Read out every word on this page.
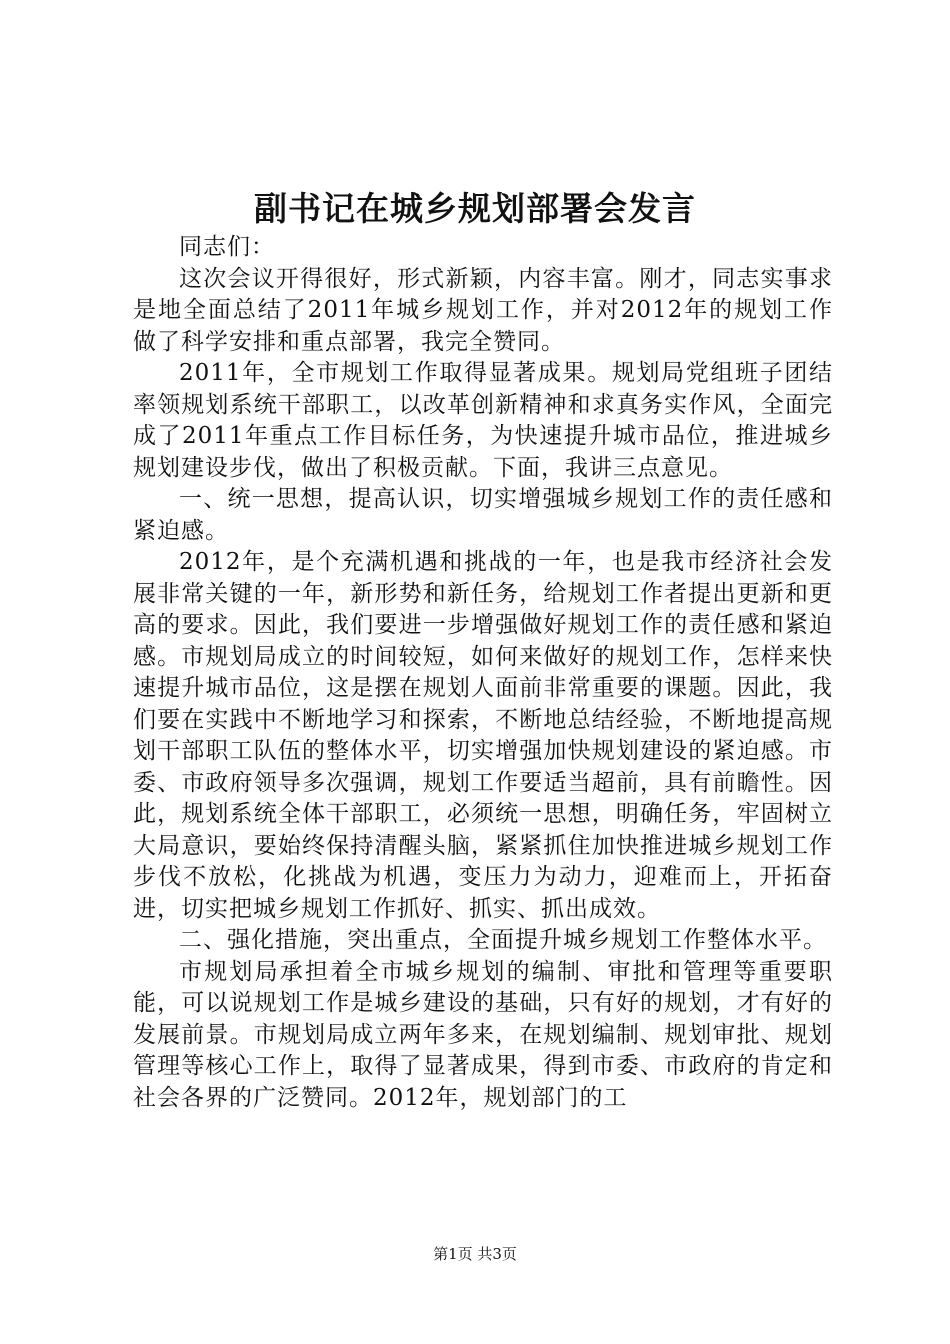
副书记在城乡规划部署会发言

同志们：

这次会议开得很好，形式新颖，内容丰富。刚才，同志实事求是地全面总结了2011年城乡规划工作，并对2012年的规划工作做了科学安排和重点部署，我完全赞同。

2011年，全市规划工作取得显著成果。规划局党组班子团结率领规划系统干部职工，以改革创新精神和求真务实作风，全面完成了2011年重点工作目标任务，为快速提升城市品位，推进城乡规划建设步伐，做出了积极贡献。下面，我讲三点意见。

一、统一思想，提高认识，切实增强城乡规划工作的责任感和紧迫感。

2012年，是个充满机遇和挑战的一年，也是我市经济社会发展非常关键的一年，新形势和新任务，给规划工作者提出更新和更高的要求。因此，我们要进一步增强做好规划工作的责任感和紧迫感。市规划局成立的时间较短，如何来做好的规划工作，怎样来快速提升城市品位，这是摆在规划人面前非常重要的课题。因此，我们要在实践中不断地学习和探索，不断地总结经验，不断地提高规划干部职工队伍的整体水平，切实增强加快规划建设的紧迫感。市委、市政府领导多次强调，规划工作要适当超前，具有前瞻性。因此，规划系统全体干部职工，必须统一思想，明确任务，牢固树立大局意识，要始终保持清醒头脑，紧紧抓住加快推进城乡规划工作步伐不放松，化挑战为机遇，变压力为动力，迎难而上，开拓奋进，切实把城乡规划工作抓好、抓实、抓出成效。

二、强化措施，突出重点，全面提升城乡规划工作整体水平。

市规划局承担着全市城乡规划的编制、审批和管理等重要职能，可以说规划工作是城乡建设的基础，只有好的规划，才有好的发展前景。市规划局成立两年多来，在规划编制、规划审批、规划管理等核心工作上，取得了显著成果，得到市委、市政府的肯定和社会各界的广泛赞同。2012年，规划部门的工

第1页 共3页
